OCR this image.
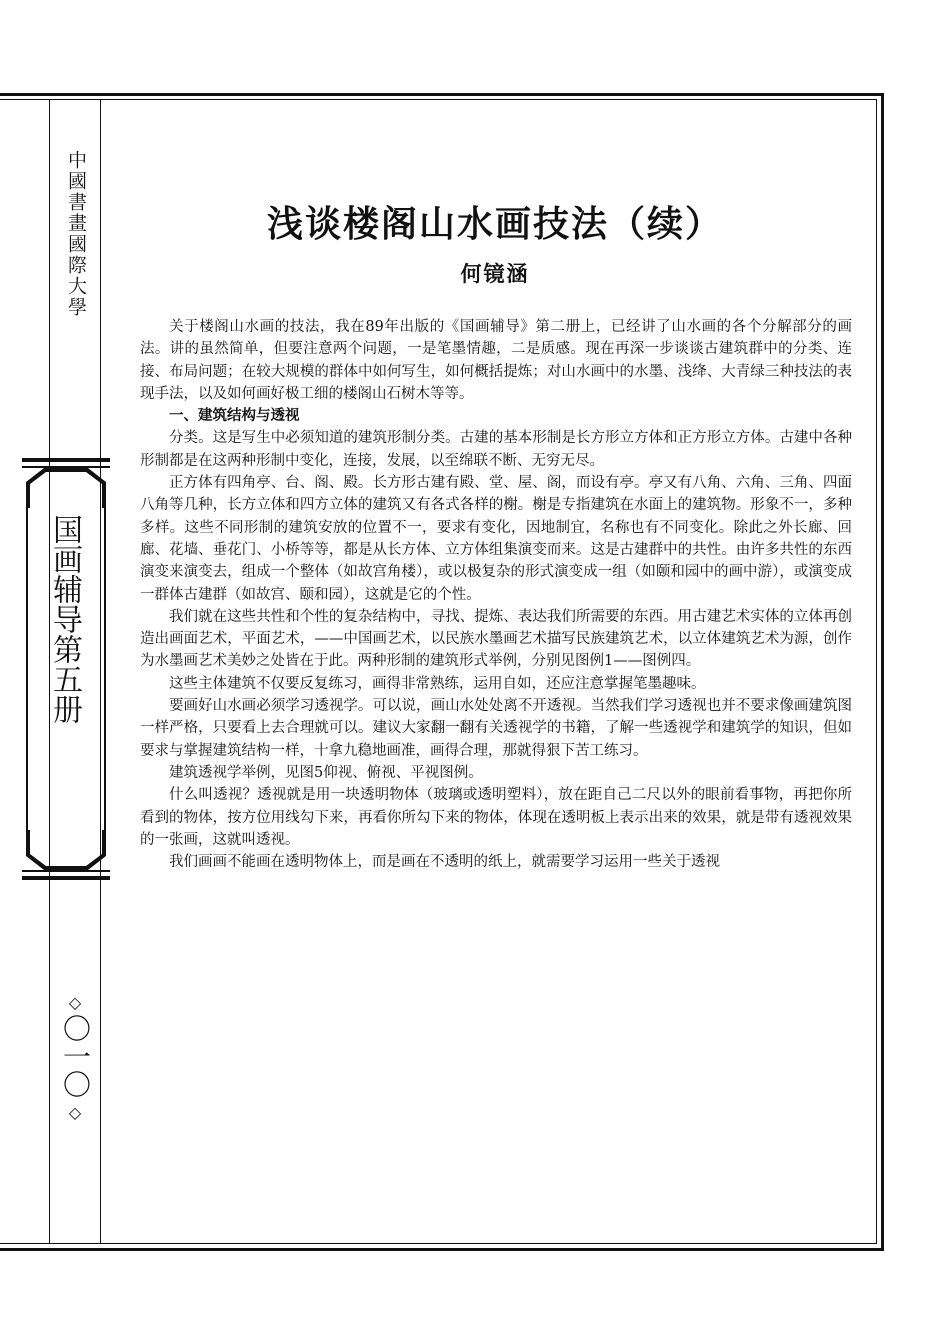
中國書畫國際大學
国画辅导第五册
◇
〇一〇
◇
浅谈楼阁山水画技法（续）
何镜涵

关于楼阁山水画的技法，我在89年出版的《国画辅导》第二册上，已经讲了山水画的各个分解部分的画法。讲的虽然简单，但要注意两个问题，一是笔墨情趣，二是质感。现在再深一步谈谈古建筑群中的分类、连接、布局问题；在较大规模的群体中如何写生，如何概括提炼；对山水画中的水墨、浅绛、大青绿三种技法的表现手法，以及如何画好极工细的楼阁山石树木等等。

一、建筑结构与透视

分类。这是写生中必须知道的建筑形制分类。古建的基本形制是长方形立方体和正方形立方体。古建中各种形制都是在这两种形制中变化，连接，发展，以至绵联不断、无穷无尽。

正方体有四角亭、台、阁、殿。长方形古建有殿、堂、屋、阁，而设有亭。亭又有八角、六角、三角、四面八角等几种，长方立体和四方立体的建筑又有各式各样的榭。榭是专指建筑在水面上的建筑物。形象不一，多种多样。这些不同形制的建筑安放的位置不一，要求有变化，因地制宜，名称也有不同变化。除此之外长廊、回廊、花墙、垂花门、小桥等等，都是从长方体、立方体组集演变而来。这是古建群中的共性。由许多共性的东西演变来演变去，组成一个整体（如故宫角楼），或以极复杂的形式演变成一组（如颐和园中的画中游），或演变成一群体古建群（如故宫、颐和园），这就是它的个性。

我们就在这些共性和个性的复杂结构中，寻找、提炼、表达我们所需要的东西。用古建艺术实体的立体再创造出画面艺术，平面艺术，——中国画艺术，以民族水墨画艺术描写民族建筑艺术，以立体建筑艺术为源，创作为水墨画艺术美妙之处皆在于此。两种形制的建筑形式举例，分别见图例1——图例四。

这些主体建筑不仅要反复练习，画得非常熟练，运用自如，还应注意掌握笔墨趣味。

要画好山水画必须学习透视学。可以说，画山水处处离不开透视。当然我们学习透视也并不要求像画建筑图一样严格，只要看上去合理就可以。建议大家翻一翻有关透视学的书籍，了解一些透视学和建筑学的知识，但如要求与掌握建筑结构一样，十拿九稳地画准，画得合理，那就得狠下苦工练习。

建筑透视学举例，见图5仰视、俯视、平视图例。

什么叫透视？透视就是用一块透明物体（玻璃或透明塑料），放在距自己二尺以外的眼前看事物，再把你所看到的物体，按方位用线勾下来，再看你所勾下来的物体，体现在透明板上表示出来的效果，就是带有透视效果的一张画，这就叫透视。

我们画画不能画在透明物体上，而是画在不透明的纸上，就需要学习运用一些关于透视
